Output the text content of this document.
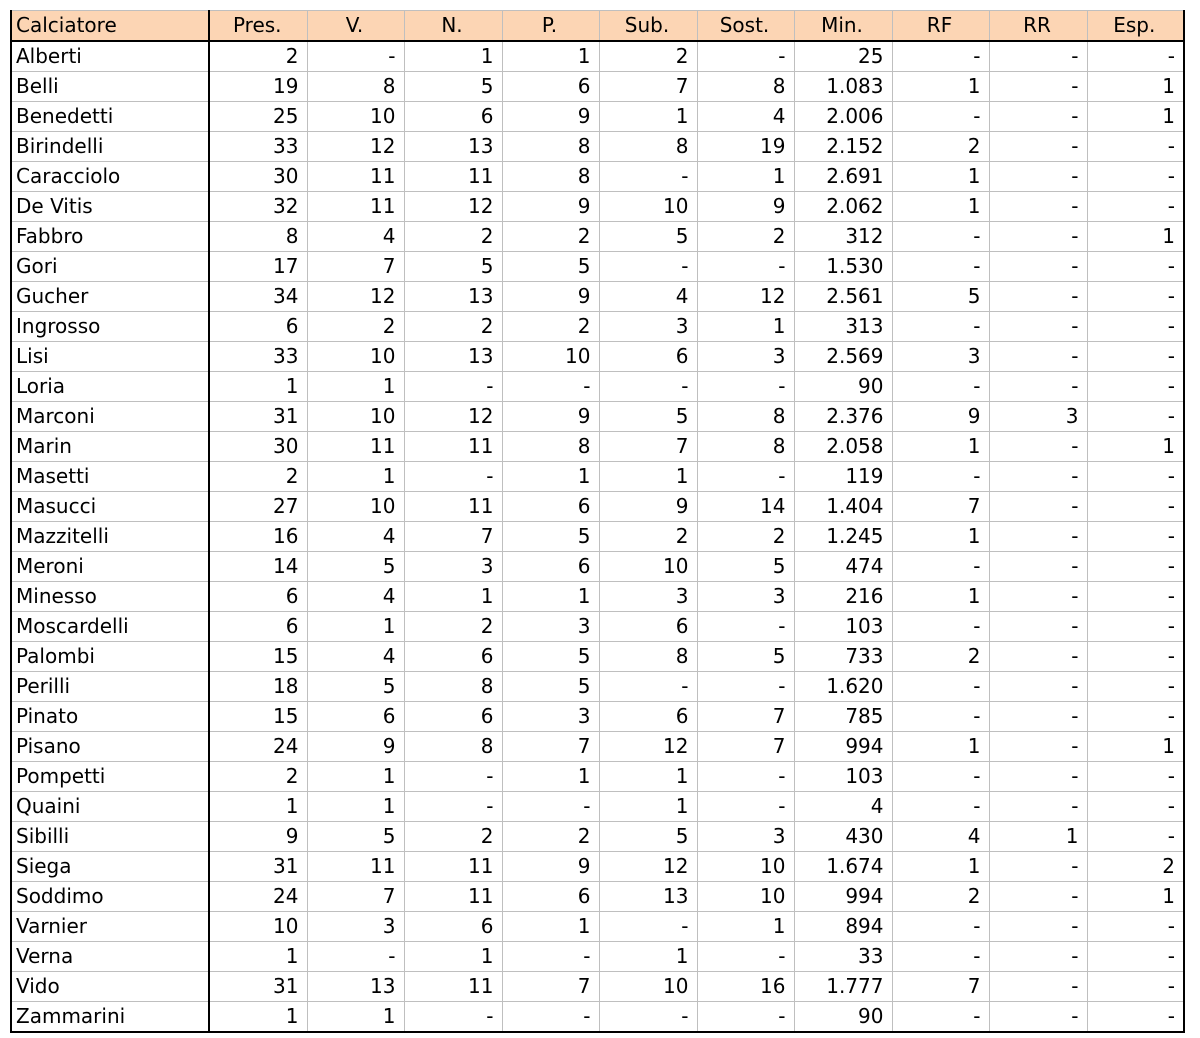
Calciatore	Pres.	V.	N.	P.	Sub.	Sost.	Min.	RF	RR	Esp.
Alberti	2	-	1	1	2	-	25	-	-	-
Belli	19	8	5	6	7	8	1.083	1	-	1
Benedetti	25	10	6	9	1	4	2.006	-	-	1
Birindelli	33	12	13	8	8	19	2.152	2	-	-
Caracciolo	30	11	11	8	-	1	2.691	1	-	-
De Vitis	32	11	12	9	10	9	2.062	1	-	-
Fabbro	8	4	2	2	5	2	312	-	-	1
Gori	17	7	5	5	-	-	1.530	-	-	-
Gucher	34	12	13	9	4	12	2.561	5	-	-
Ingrosso	6	2	2	2	3	1	313	-	-	-
Lisi	33	10	13	10	6	3	2.569	3	-	-
Loria	1	1	-	-	-	-	90	-	-	-
Marconi	31	10	12	9	5	8	2.376	9	3	-
Marin	30	11	11	8	7	8	2.058	1	-	1
Masetti	2	1	-	1	1	-	119	-	-	-
Masucci	27	10	11	6	9	14	1.404	7	-	-
Mazzitelli	16	4	7	5	2	2	1.245	1	-	-
Meroni	14	5	3	6	10	5	474	-	-	-
Minesso	6	4	1	1	3	3	216	1	-	-
Moscardelli	6	1	2	3	6	-	103	-	-	-
Palombi	15	4	6	5	8	5	733	2	-	-
Perilli	18	5	8	5	-	-	1.620	-	-	-
Pinato	15	6	6	3	6	7	785	-	-	-
Pisano	24	9	8	7	12	7	994	1	-	1
Pompetti	2	1	-	1	1	-	103	-	-	-
Quaini	1	1	-	-	1	-	4	-	-	-
Sibilli	9	5	2	2	5	3	430	4	1	-
Siega	31	11	11	9	12	10	1.674	1	-	2
Soddimo	24	7	11	6	13	10	994	2	-	1
Varnier	10	3	6	1	-	1	894	-	-	-
Verna	1	-	1	-	1	-	33	-	-	-
Vido	31	13	11	7	10	16	1.777	7	-	-
Zammarini	1	1	-	-	-	-	90	-	-	-
